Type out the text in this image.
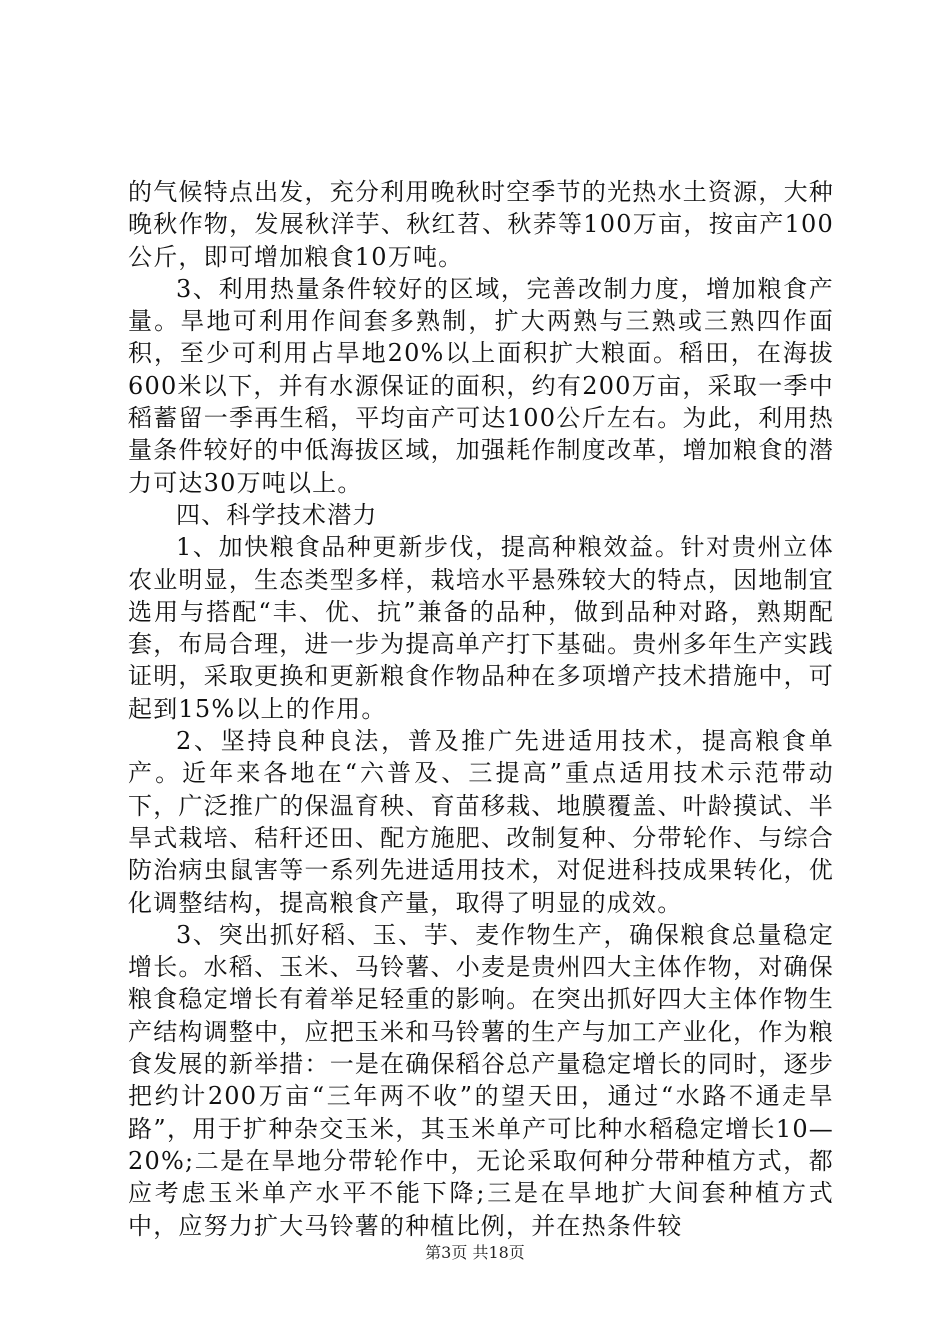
的气候特点出发，充分利用晚秋时空季节的光热水土资源，大种晚秋作物，发展秋洋芋、秋红苕、秋荞等100万亩，按亩产100公斤，即可增加粮食10万吨。

3、利用热量条件较好的区域，完善改制力度，增加粮食产量。旱地可利用作间套多熟制，扩大两熟与三熟或三熟四作面积，至少可利用占旱地20%以上面积扩大粮面。稻田，在海拔600米以下，并有水源保证的面积，约有200万亩，采取一季中稻蓄留一季再生稻，平均亩产可达100公斤左右。为此，利用热量条件较好的中低海拔区域，加强耗作制度改革，增加粮食的潜力可达30万吨以上。

四、科学技术潜力

1、加快粮食品种更新步伐，提高种粮效益。针对贵州立体农业明显，生态类型多样，栽培水平悬殊较大的特点，因地制宜选用与搭配“丰、优、抗”兼备的品种，做到品种对路，熟期配套，布局合理，进一步为提高单产打下基础。贵州多年生产实践证明，采取更换和更新粮食作物品种在多项增产技术措施中，可起到15%以上的作用。

2、坚持良种良法，普及推广先进适用技术，提高粮食单产。近年来各地在“六普及、三提高”重点适用技术示范带动下，广泛推广的保温育秧、育苗移栽、地膜覆盖、叶龄摸试、半旱式栽培、秸秆还田、配方施肥、改制复种、分带轮作、与综合防治病虫鼠害等一系列先进适用技术，对促进科技成果转化，优化调整结构，提高粮食产量，取得了明显的成效。

3、突出抓好稻、玉、芋、麦作物生产，确保粮食总量稳定增长。水稻、玉米、马铃薯、小麦是贵州四大主体作物，对确保粮食稳定增长有着举足轻重的影响。在突出抓好四大主体作物生产结构调整中，应把玉米和马铃薯的生产与加工产业化，作为粮食发展的新举措：一是在确保稻谷总产量稳定增长的同时，逐步把约计200万亩“三年两不收”的望天田，通过“水路不通走旱路”，用于扩种杂交玉米，其玉米单产可比种水稻稳定增长10—20%;二是在旱地分带轮作中，无论采取何种分带种植方式，都应考虑玉米单产水平不能下降;三是在旱地扩大间套种植方式中，应努力扩大马铃薯的种植比例，并在热条件较

第3页 共18页
